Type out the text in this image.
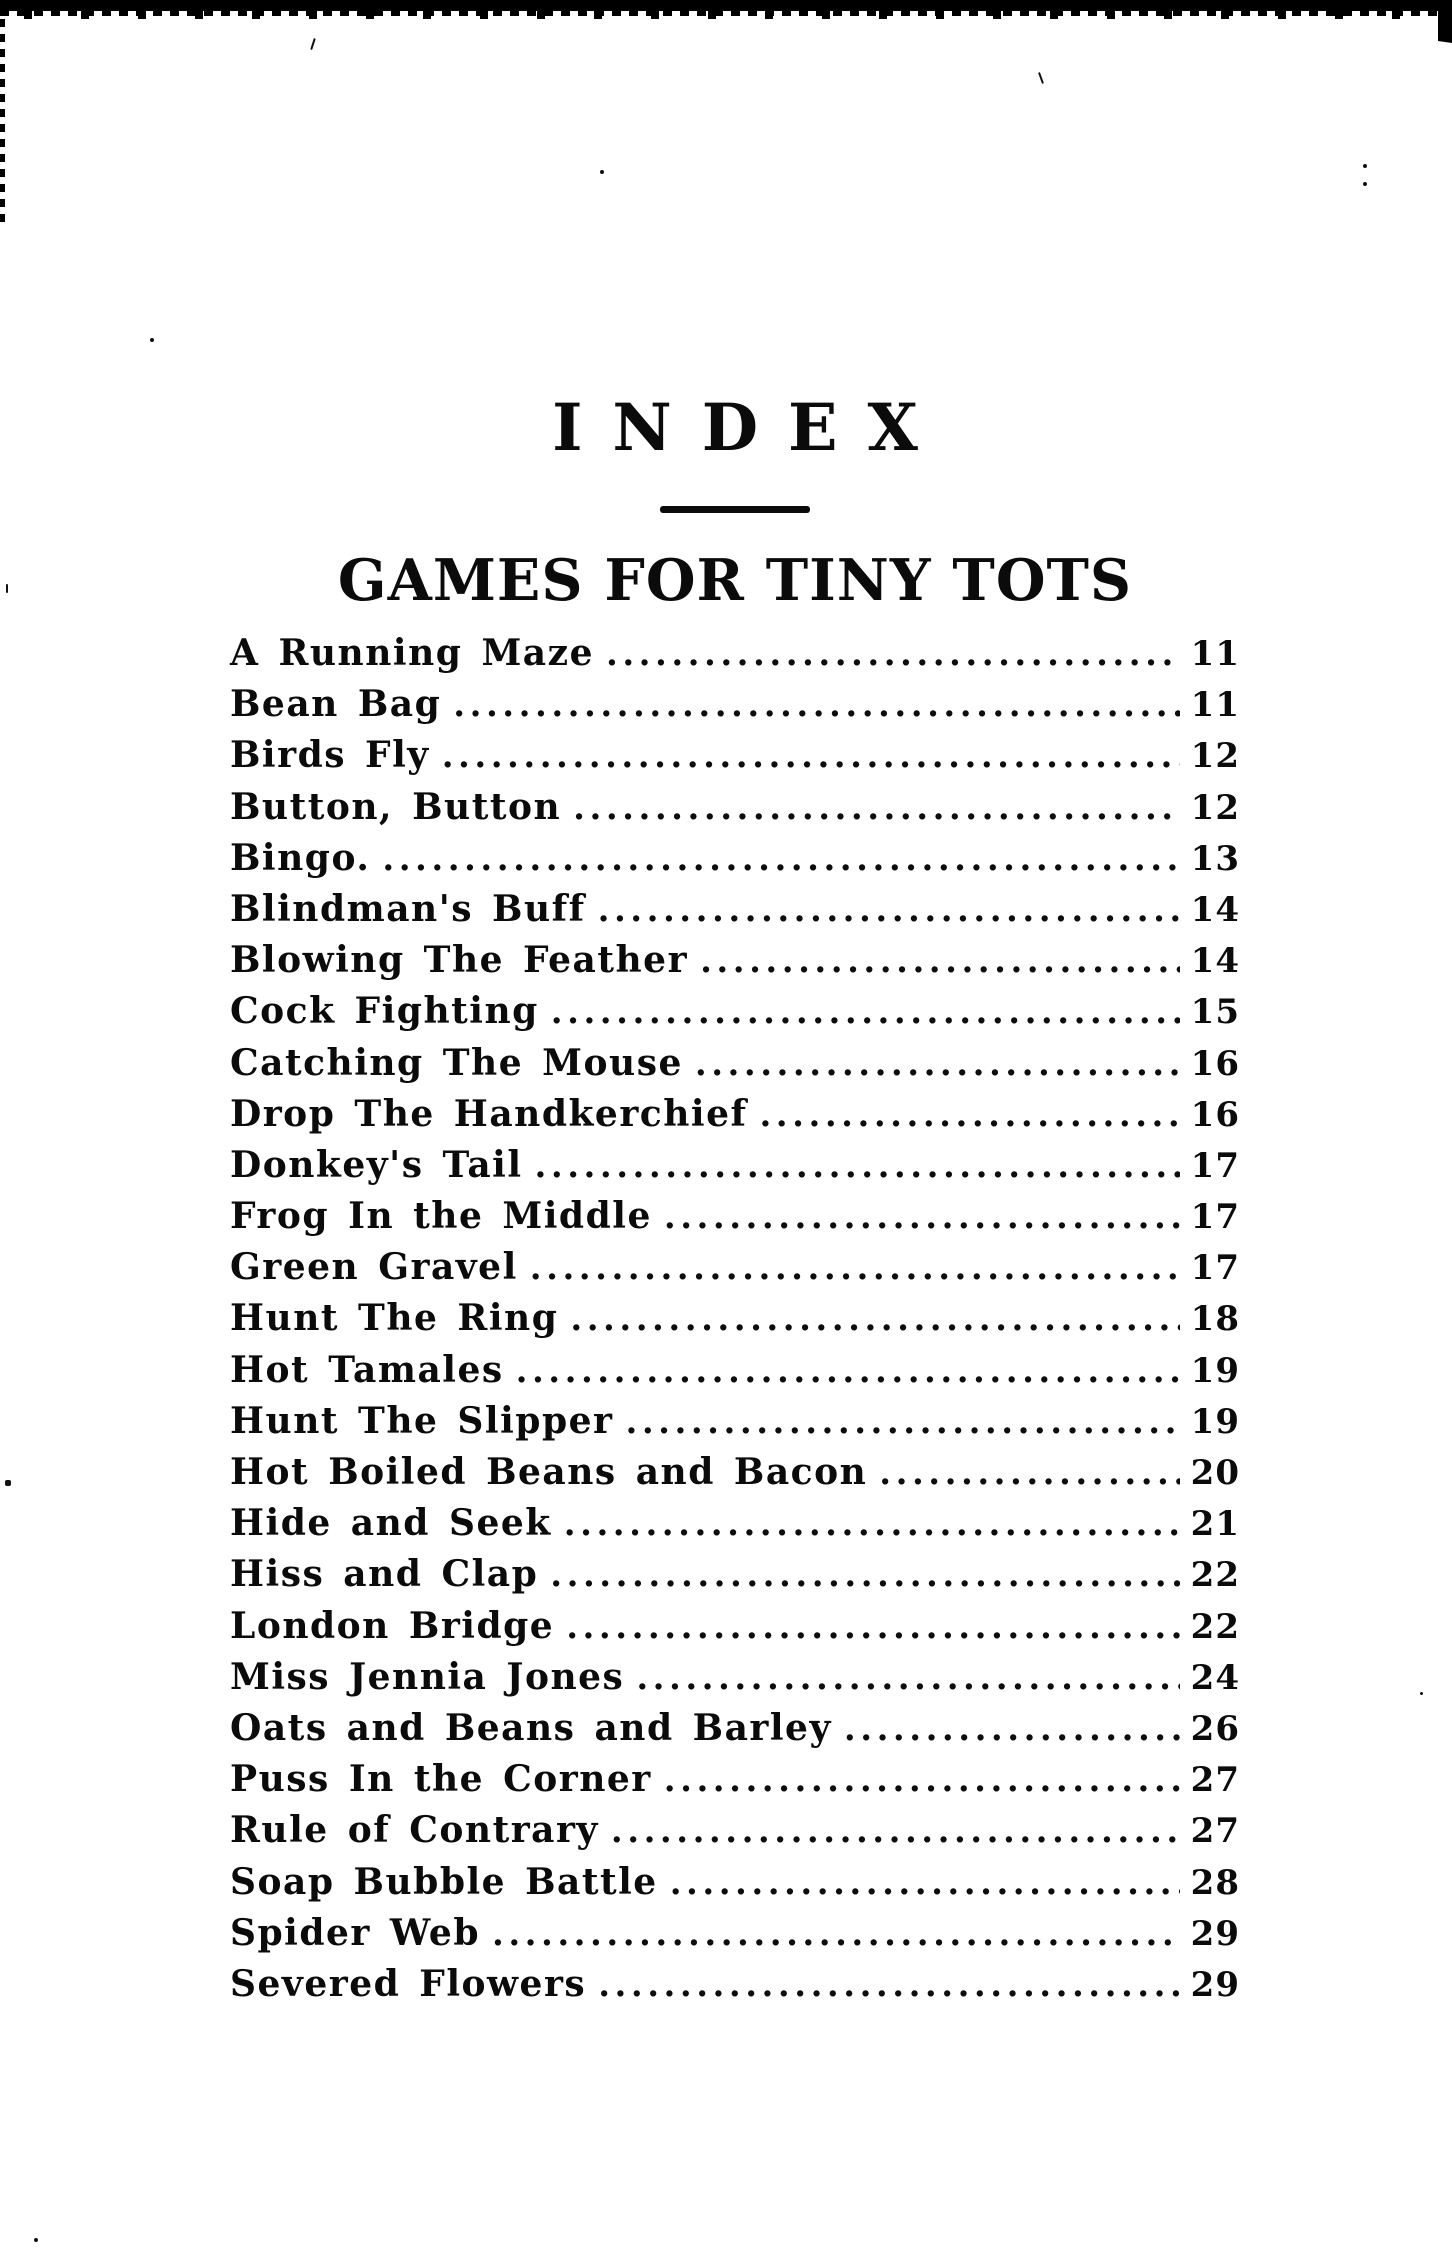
INDEX
GAMES FOR TINY TOTS
A Running Maze .....	11
Bean Bag .....	11
Birds Fly .....	12
Button, Button .....	12
Bingo. .....	13
Blindman's Buff .....	14
Blowing The Feather .....	14
Cock Fighting .....	15
Catching The Mouse .....	16
Drop The Handkerchief .....	16
Donkey's Tail .....	17
Frog In the Middle .....	17
Green Gravel .....	17
Hunt The Ring .....	18
Hot Tamales .....	19
Hunt The Slipper .....	19
Hot Boiled Beans and Bacon .....	20
Hide and Seek .....	21
Hiss and Clap .....	22
London Bridge .....	22
Miss Jennia Jones .....	24
Oats and Beans and Barley .....	26
Puss In the Corner .....	27
Rule of Contrary .....	27
Soap Bubble Battle .....	28
Spider Web .....	29
Severed Flowers .....	29
